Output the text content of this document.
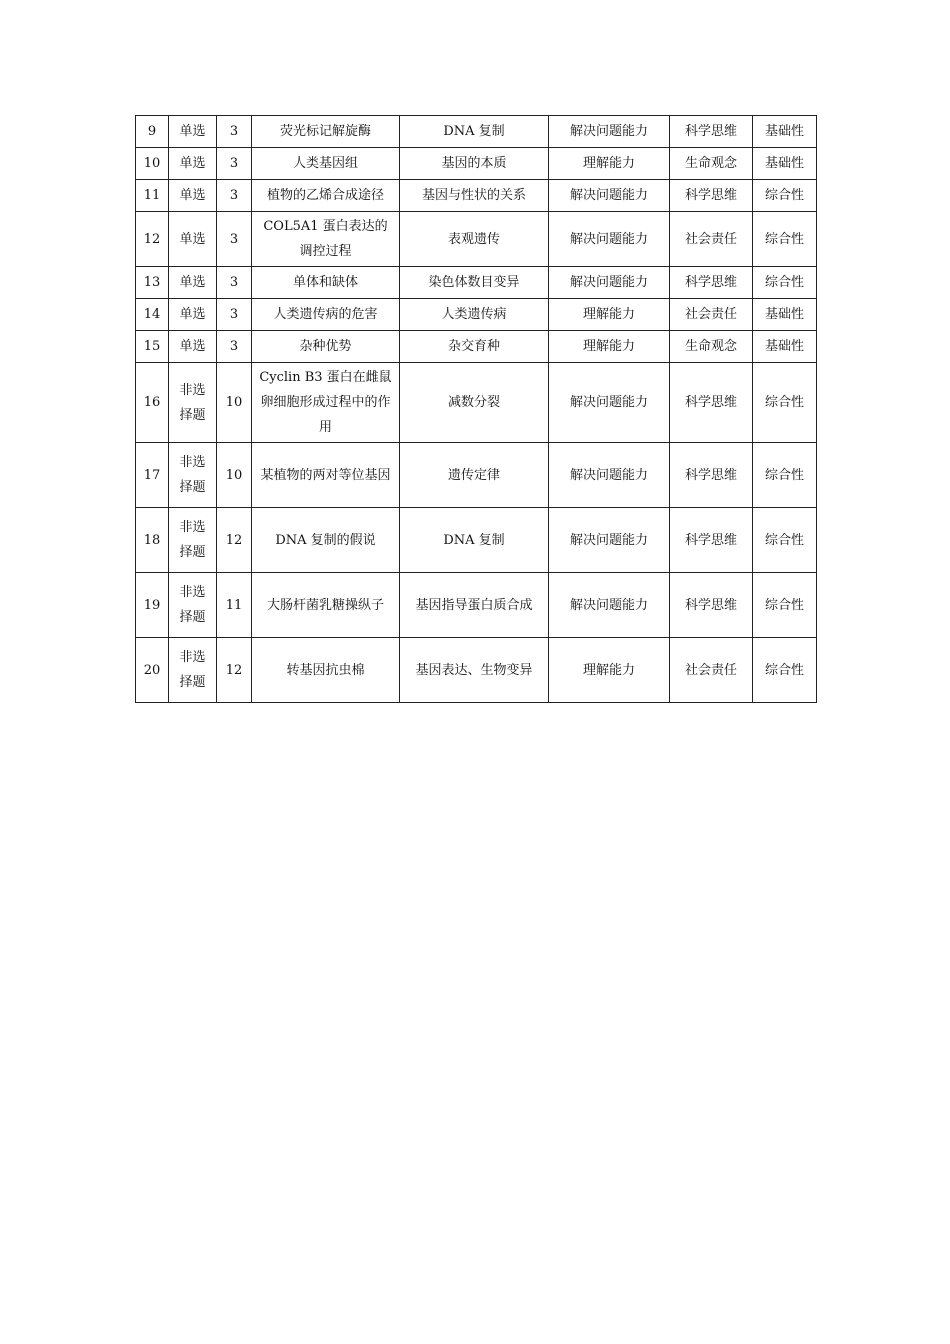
9	单选	3	荧光标记解旋酶	DNA 复制	解决问题能力	科学思维	基础性
10	单选	3	人类基因组	基因的本质	理解能力	生命观念	基础性
11	单选	3	植物的乙烯合成途径	基因与性状的关系	解决问题能力	科学思维	综合性
12	单选	3	COL5A1 蛋白表达的调控过程	表观遗传	解决问题能力	社会责任	综合性
13	单选	3	单体和缺体	染色体数目变异	解决问题能力	科学思维	综合性
14	单选	3	人类遗传病的危害	人类遗传病	理解能力	社会责任	基础性
15	单选	3	杂种优势	杂交育种	理解能力	生命观念	基础性
16	非选择题	10	Cyclin B3 蛋白在雌鼠卵细胞形成过程中的作用	减数分裂	解决问题能力	科学思维	综合性
17	非选择题	10	某植物的两对等位基因	遗传定律	解决问题能力	科学思维	综合性
18	非选择题	12	DNA 复制的假说	DNA 复制	解决问题能力	科学思维	综合性
19	非选择题	11	大肠杆菌乳糖操纵子	基因指导蛋白质合成	解决问题能力	科学思维	综合性
20	非选择题	12	转基因抗虫棉	基因表达、生物变异	理解能力	社会责任	综合性
